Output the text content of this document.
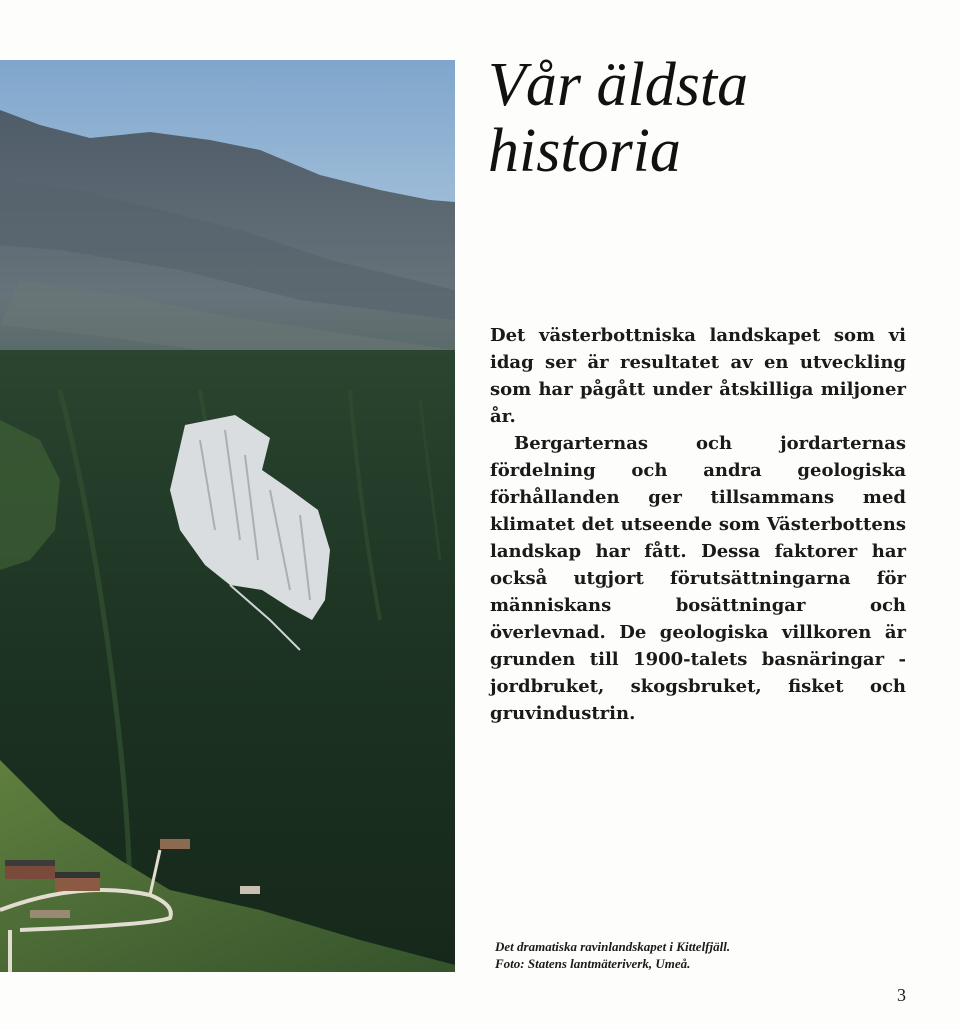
Vår äldsta
historia

Det västerbottniska landskapet som vi idag ser är resultatet av en utveckling som har pågått under åtskilliga miljoner år.

Bergarternas och jordarternas fördelning och andra geologiska förhållanden ger tillsammans med klimatet det utseende som Västerbottens landskap har fått. Dessa faktorer har också utgjort förutsättningarna för människans bosättningar och överlevnad. De geologiska villkoren är grunden till 1900-talets basnäringar - jordbruket, skogsbruket, fisket och gruvindustrin.

Det dramatiska ravinlandskapet i Kittelfjäll.
Foto: Statens lantmäteriverk, Umeå.
3
